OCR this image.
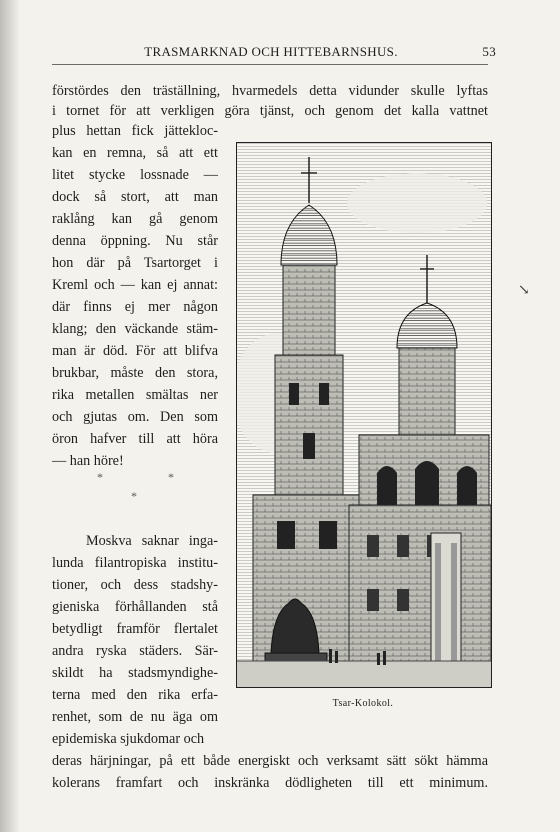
TRASMARKNAD OCH HITTEBARNSHUS.	53
förstördes den träställning, hvarmedels detta vidunder skulle lyftas
i tornet för att verkligen göra tjänst, och genom det kalla vattnet
plus hettan fick jättekloc-
kan en remna, så att ett
litet stycke lossnade —
dock så stort, att man
raklång kan gå genom
denna öppning. Nu står
hon där på Tsartorget i
Kreml och — kan ej annat:
där finns ej mer någon
klang; den väckande stäm-
man är död. För att blifva
brukbar, måste den stora,
rika metallen smältas ner
och gjutas om. Den som
öron hafver till att höra
— han höre!
*	*
*
Moskva saknar inga-
lunda filantropiska institu-
tioner, och dess stadshy-
gieniska förhållanden stå
betydligt framför flertalet
andra ryska städers. Sär-
skildt ha stadsmyndighe-
terna med den rika erfa-
renhet, som de nu äga om
epidemiska sjukdomar och
deras härjningar, på ett både energiskt och verksamt sätt sökt hämma
kolerans framfart och inskränka dödligheten till ett minimum.
Tsar-Kolokol.
↘
